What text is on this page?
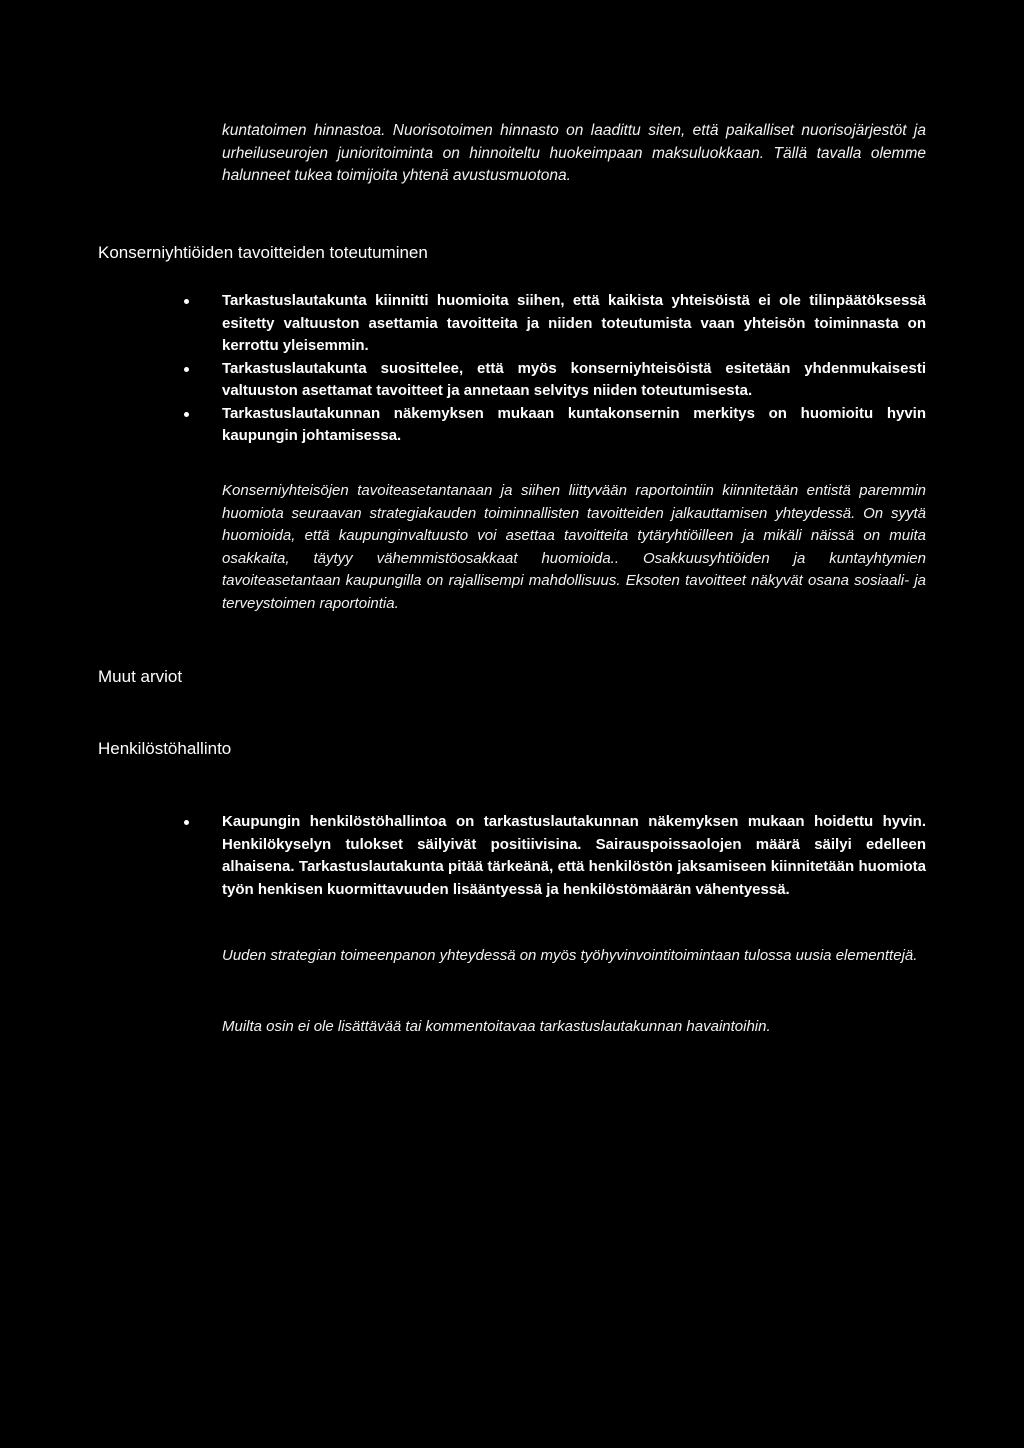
kuntatoimen hinnastoa. Nuorisotoimen hinnasto on laadittu siten, että paikalliset nuorisojärjestöt ja urheiluseurojen junioritoiminta on hinnoiteltu huokeimpaan maksuluokkaan. Tällä tavalla olemme halunneet tukea toimijoita yhtenä avustusmuotona.

Konserniyhtiöiden tavoitteiden toteutuminen
Tarkastuslautakunta kiinnitti huomioita siihen, että kaikista yhteisöistä ei ole tilinpäätöksessä esitetty valtuuston asettamia tavoitteita ja niiden toteutumista vaan yhteisön toiminnasta on kerrottu yleisemmin.
Tarkastuslautakunta suosittelee, että myös konserniyhteisöistä esitetään yhdenmukaisesti valtuuston asettamat tavoitteet ja annetaan selvitys niiden toteutumisesta.
Tarkastuslautakunnan näkemyksen mukaan kuntakonsernin merkitys on huomioitu hyvin kaupungin johtamisessa.

Konserniyhteisöjen tavoiteasetantanaan ja siihen liittyvään raportointiin kiinnitetään entistä paremmin huomiota seuraavan strategiakauden toiminnallisten tavoitteiden jalkauttamisen yhteydessä. On syytä huomioida, että kaupunginvaltuusto voi asettaa tavoitteita tytäryhtiöilleen ja mikäli näissä on muita osakkaita, täytyy vähemmistöosakkaat huomioida.. Osakkuusyhtiöiden ja kuntayhtymien tavoiteasetantaan kaupungilla on rajallisempi mahdollisuus. Eksoten tavoitteet näkyvät osana sosiaali- ja terveystoimen raportointia.

Muut arviot
Henkilöstöhallinto
Kaupungin henkilöstöhallintoa on tarkastuslautakunnan näkemyksen mukaan hoidettu hyvin. Henkilökyselyn tulokset säilyivät positiivisina. Sairauspoissaolojen määrä säilyi edelleen alhaisena. Tarkastuslautakunta pitää tärkeänä, että henkilöstön jaksamiseen kiinnitetään huomiota työn henkisen kuormittavuuden lisääntyessä ja henkilöstömäärän vähentyessä.

Uuden strategian toimeenpanon yhteydessä on myös työhyvinvointitoimintaan tulossa uusia elementtejä.

Muilta osin ei ole lisättävää tai kommentoitavaa tarkastuslautakunnan havaintoihin.
